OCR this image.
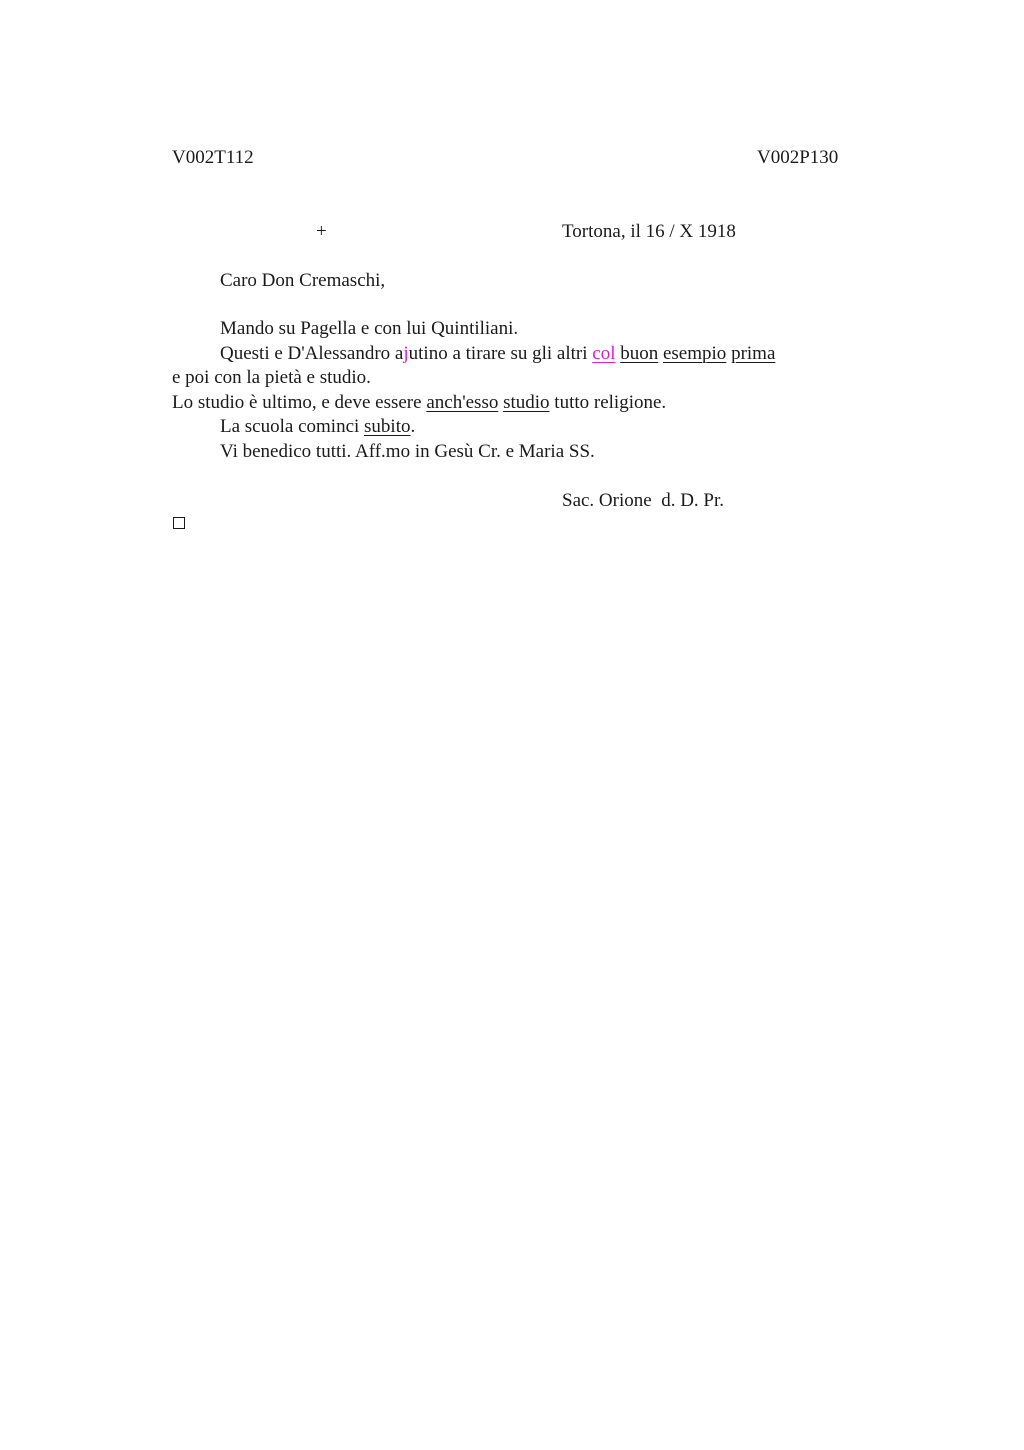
V002T112	V002P130
+	Tortona, il 16 / X 1918
Caro Don Cremaschi,
Mando su Pagella e con lui Quintiliani.
Questi e D'Alessandro ajutino a tirare su gli altri col buon esempio prima
e poi con la pietà e studio.
Lo studio è ultimo, e deve essere anch'esso studio tutto religione.
La scuola cominci subito.
Vi benedico tutti. Aff.mo in Gesù Cr. e Maria SS.
Sac. Orione  d. D. Pr.
